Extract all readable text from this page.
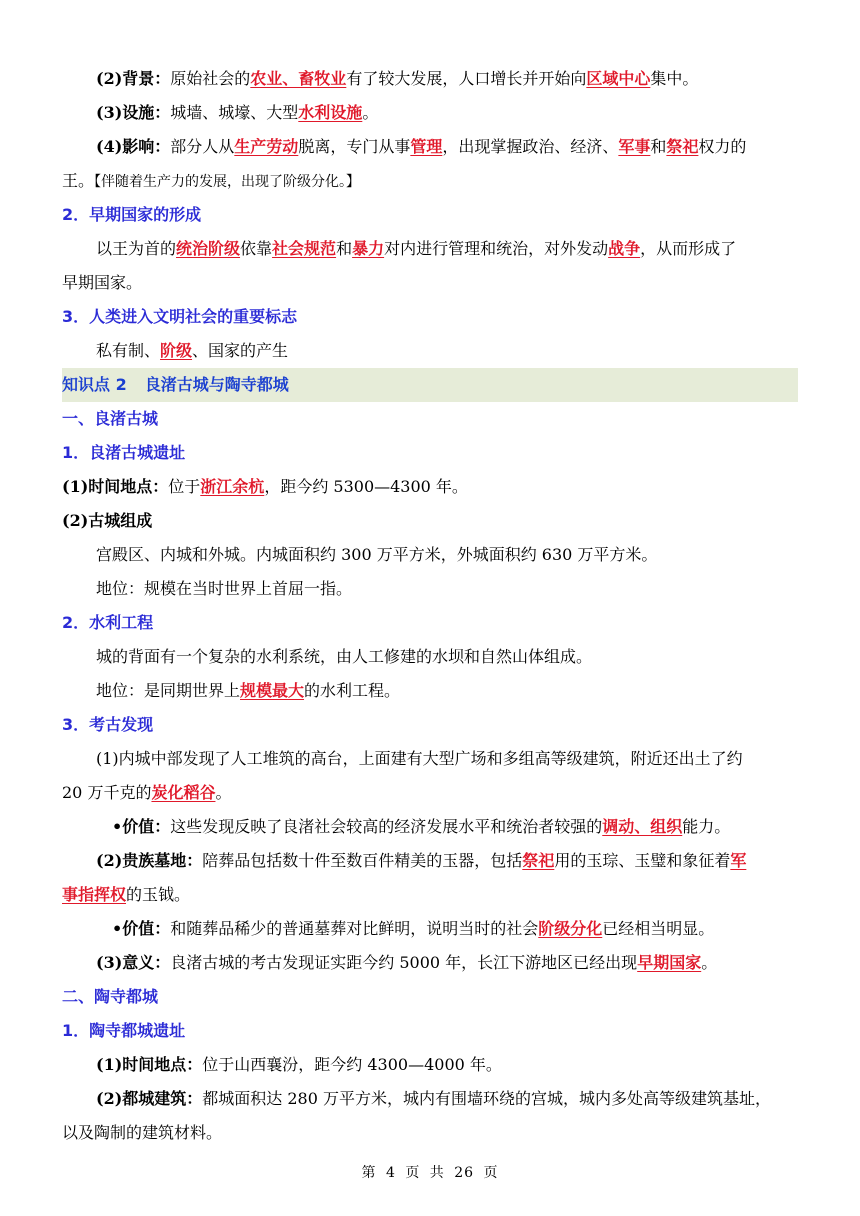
(2)背景：原始社会的农业、畜牧业有了较大发展，人口增长并开始向区域中心集中。
(3)设施：城墙、城壕、大型水利设施。
(4)影响：部分人从生产劳动脱离，专门从事管理，出现掌握政治、经济、军事和祭祀权力的
王。【伴随着生产力的发展，出现了阶级分化。】
2．早期国家的形成
以王为首的统治阶级依靠社会规范和暴力对内进行管理和统治，对外发动战争，从而形成了
早期国家。
3．人类进入文明社会的重要标志
私有制、阶级、国家的产生
知识点 2 良渚古城与陶寺都城
一、良渚古城
1．良渚古城遗址
(1)时间地点：位于浙江余杭，距今约 5300—4300 年。
(2)古城组成
宫殿区、内城和外城。内城面积约 300 万平方米，外城面积约 630 万平方米。
地位：规模在当时世界上首屈一指。
2．水利工程
城的背面有一个复杂的水利系统，由人工修建的水坝和自然山体组成。
地位：是同期世界上规模最大的水利工程。
3．考古发现
(1)内城中部发现了人工堆筑的高台，上面建有大型广场和多组高等级建筑，附近还出土了约
20 万千克的炭化稻谷。
•价值：这些发现反映了良渚社会较高的经济发展水平和统治者较强的调动、组织能力。
(2)贵族墓地：陪葬品包括数十件至数百件精美的玉器，包括祭祀用的玉琮、玉璧和象征着军
事指挥权的玉钺。
•价值：和随葬品稀少的普通墓葬对比鲜明，说明当时的社会阶级分化已经相当明显。
(3)意义：良渚古城的考古发现证实距今约 5000 年，长江下游地区已经出现早期国家。
二、陶寺都城
1．陶寺都城遗址
(1)时间地点：位于山西襄汾，距今约 4300—4000 年。
(2)都城建筑：都城面积达 280 万平方米，城内有围墙环绕的宫城，城内多处高等级建筑基址，
以及陶制的建筑材料。
第 4 页 共 26 页
